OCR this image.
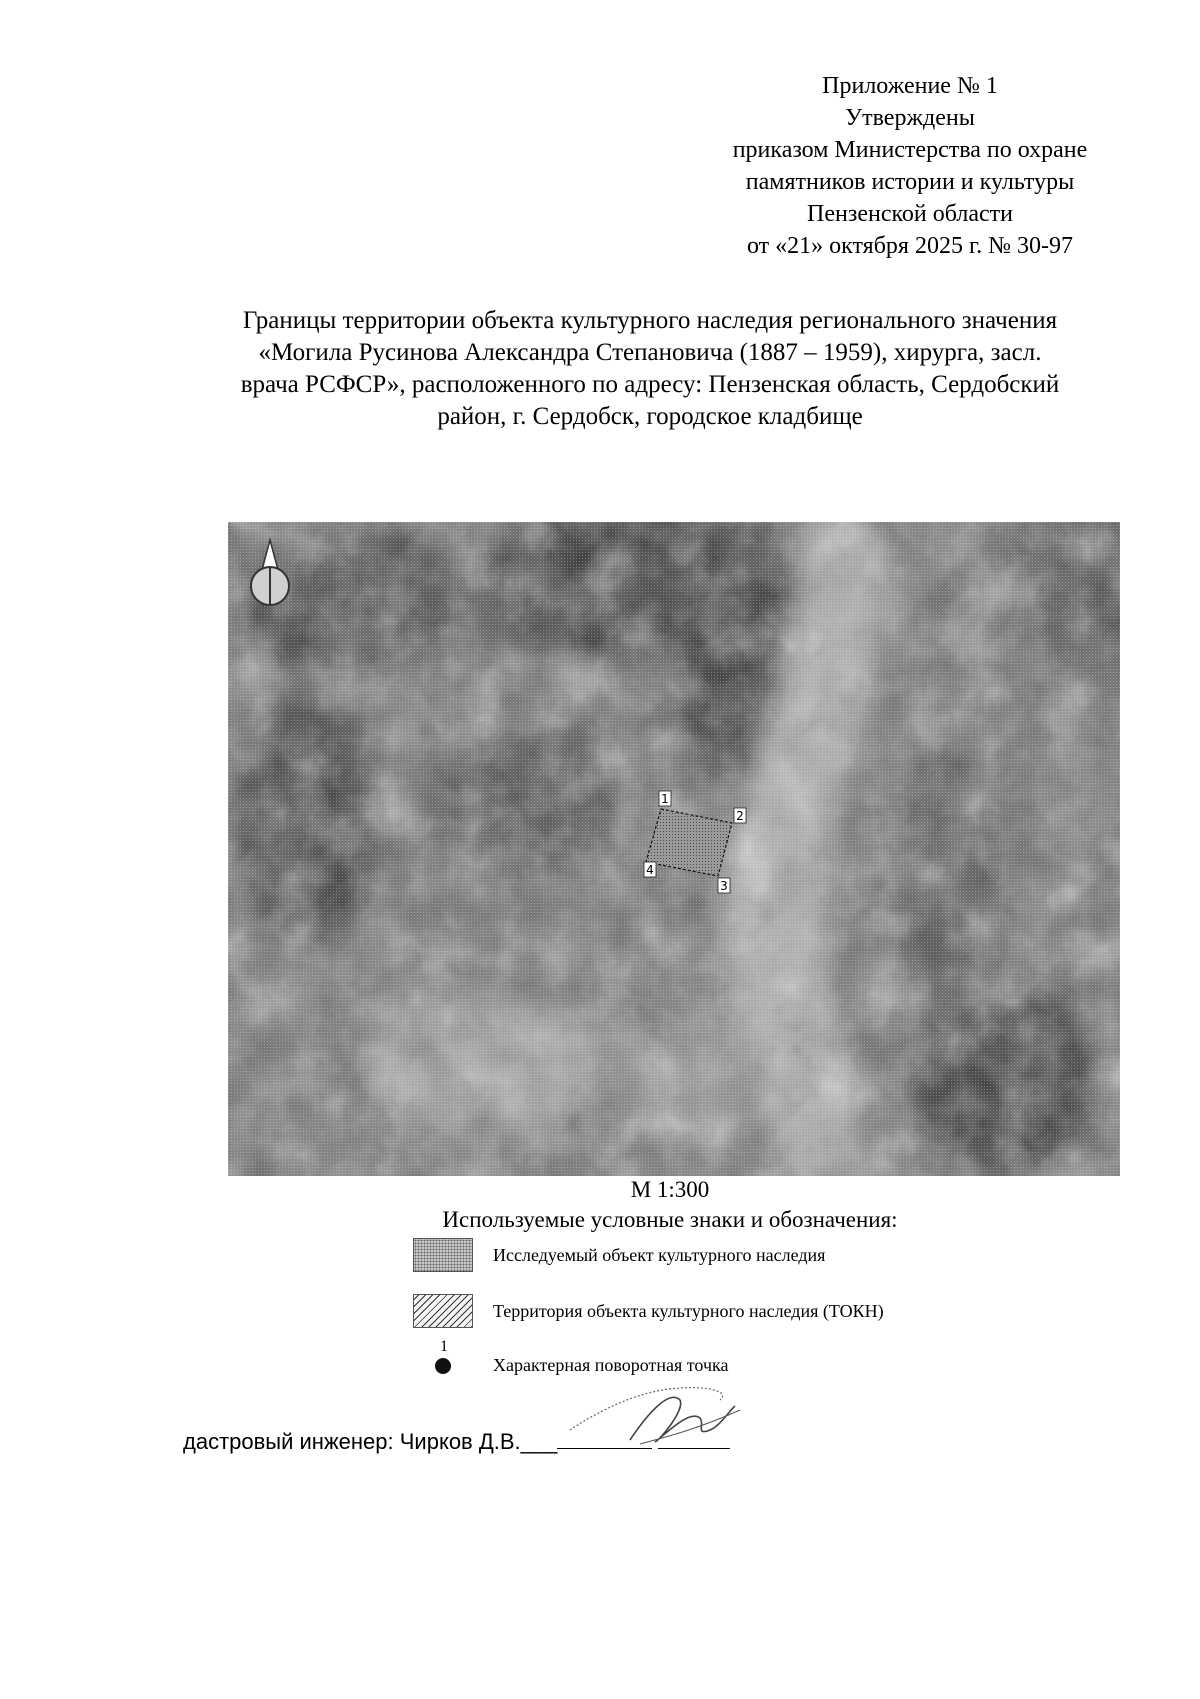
Приложение № 1
Утверждены
приказом Министерства по охране
памятников истории и культуры
Пензенской области
от «21» октября 2025 г. № 30-97
Границы территории объекта культурного наследия регионального значения
«Могила Русинова Александра Степановича (1887 – 1959), хирурга, засл.
врача РСФСР», расположенного по адресу: Пензенская область, Сердобский
район, г. Сердобск, городское кладбище
1
2
3
4
М 1:300
Используемые условные знаки и обозначения:
Исследуемый объект культурного наследия
Территория объекта культурного наследия (ТОКН)
1
Характерная поворотная точка
дастровый инженер: Чирков Д.В.___
